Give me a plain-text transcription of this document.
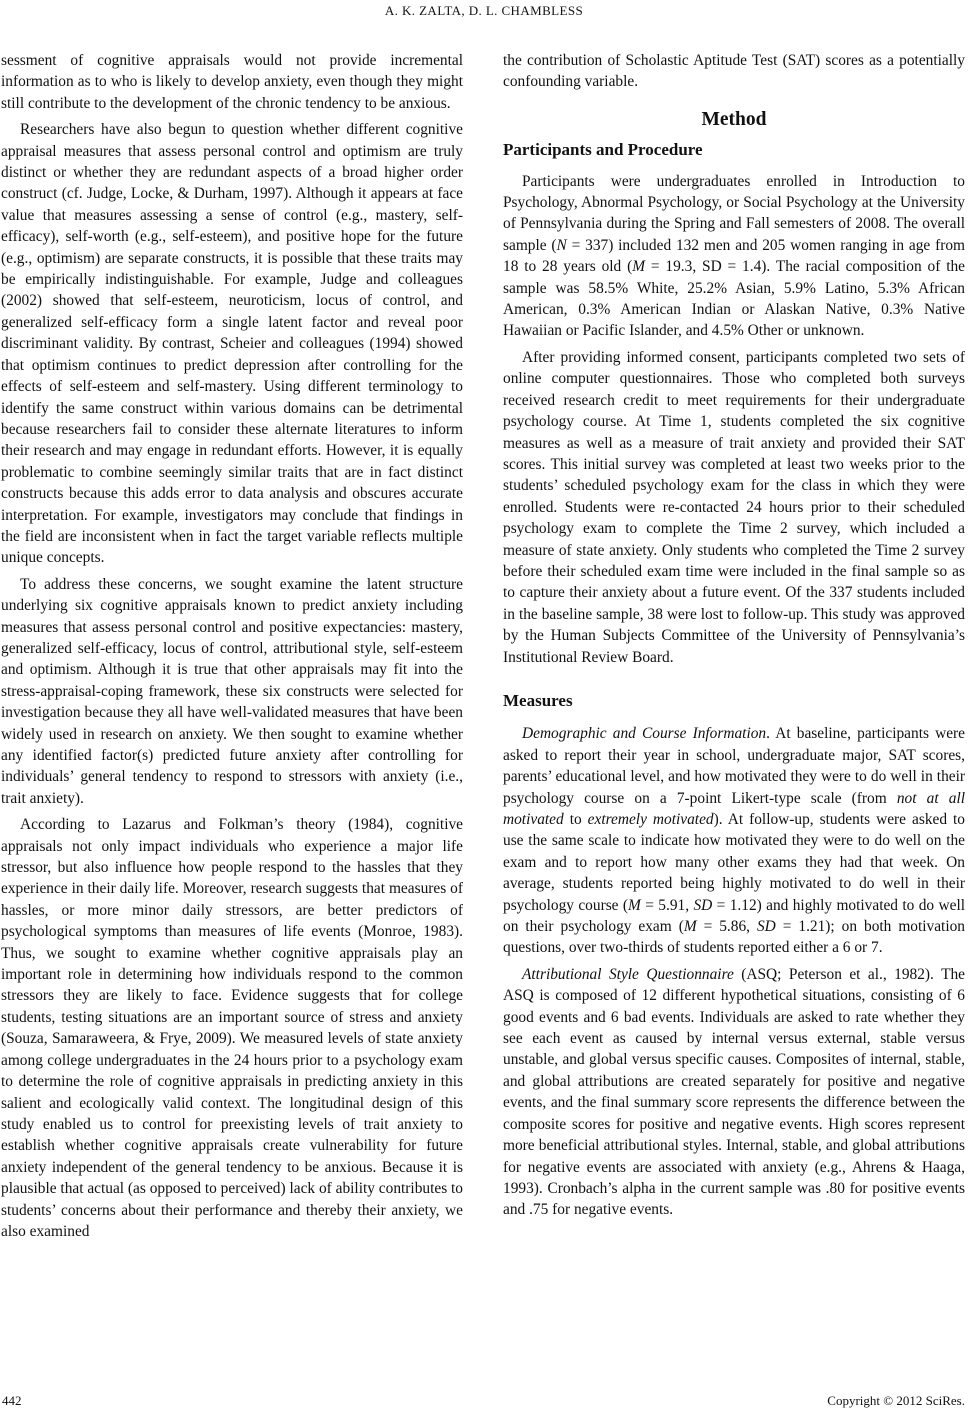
A. K. ZALTA, D. L. CHAMBLESS

sessment of cognitive appraisals would not provide incremental information as to who is likely to develop anxiety, even though they might still contribute to the development of the chronic tendency to be anxious.

Researchers have also begun to question whether different cognitive appraisal measures that assess personal control and optimism are truly distinct or whether they are redundant aspects of a broad higher order construct (cf. Judge, Locke, & Durham, 1997). Although it appears at face value that measures assessing a sense of control (e.g., mastery, self-efficacy), self-worth (e.g., self-esteem), and positive hope for the future (e.g., optimism) are separate constructs, it is possible that these traits may be empirically indistinguishable. For example, Judge and colleagues (2002) showed that self-esteem, neuroticism, locus of control, and generalized self-efficacy form a single latent factor and reveal poor discriminant validity. By contrast, Scheier and colleagues (1994) showed that optimism continues to predict depression after controlling for the effects of self-esteem and self-mastery. Using different terminology to identify the same construct within various domains can be detrimental because researchers fail to consider these alternate literatures to inform their research and may engage in redundant efforts. However, it is equally problematic to combine seemingly similar traits that are in fact distinct constructs because this adds error to data analysis and obscures accurate interpretation. For example, investigators may conclude that findings in the field are inconsistent when in fact the target variable reflects multiple unique concepts.

To address these concerns, we sought examine the latent structure underlying six cognitive appraisals known to predict anxiety including measures that assess personal control and positive expectancies: mastery, generalized self-efficacy, locus of control, attributional style, self-esteem and optimism. Although it is true that other appraisals may fit into the stress-appraisal-coping framework, these six constructs were selected for investigation because they all have well-validated measures that have been widely used in research on anxiety. We then sought to examine whether any identified factor(s) predicted future anxiety after controlling for individuals’ general tendency to respond to stressors with anxiety (i.e., trait anxiety).

According to Lazarus and Folkman’s theory (1984), cognitive appraisals not only impact individuals who experience a major life stressor, but also influence how people respond to the hassles that they experience in their daily life. Moreover, research suggests that measures of hassles, or more minor daily stressors, are better predictors of psychological symptoms than measures of life events (Monroe, 1983). Thus, we sought to examine whether cognitive appraisals play an important role in determining how individuals respond to the common stressors they are likely to face. Evidence suggests that for college students, testing situations are an important source of stress and anxiety (Souza, Samaraweera, & Frye, 2009). We measured levels of state anxiety among college undergraduates in the 24 hours prior to a psychology exam to determine the role of cognitive appraisals in predicting anxiety in this salient and ecologically valid context. The longitudinal design of this study enabled us to control for preexisting levels of trait anxiety to establish whether cognitive appraisals create vulnerability for future anxiety independent of the general tendency to be anxious. Because it is plausible that actual (as opposed to perceived) lack of ability contributes to students’ concerns about their performance and thereby their anxiety, we also examined

the contribution of Scholastic Aptitude Test (SAT) scores as a potentially confounding variable.

Method
Participants and Procedure

Participants were undergraduates enrolled in Introduction to Psychology, Abnormal Psychology, or Social Psychology at the University of Pennsylvania during the Spring and Fall semesters of 2008. The overall sample (N = 337) included 132 men and 205 women ranging in age from 18 to 28 years old (M = 19.3, SD = 1.4). The racial composition of the sample was 58.5% White, 25.2% Asian, 5.9% Latino, 5.3% African American, 0.3% American Indian or Alaskan Native, 0.3% Native Hawaiian or Pacific Islander, and 4.5% Other or unknown.

After providing informed consent, participants completed two sets of online computer questionnaires. Those who completed both surveys received research credit to meet requirements for their undergraduate psychology course. At Time 1, students completed the six cognitive measures as well as a measure of trait anxiety and provided their SAT scores. This initial survey was completed at least two weeks prior to the students’ scheduled psychology exam for the class in which they were enrolled. Students were re-contacted 24 hours prior to their scheduled psychology exam to complete the Time 2 survey, which included a measure of state anxiety. Only students who completed the Time 2 survey before their scheduled exam time were included in the final sample so as to capture their anxiety about a future event. Of the 337 students included in the baseline sample, 38 were lost to follow-up. This study was approved by the Human Subjects Committee of the University of Pennsylvania’s Institutional Review Board.

Measures

Demographic and Course Information. At baseline, participants were asked to report their year in school, undergraduate major, SAT scores, parents’ educational level, and how motivated they were to do well in their psychology course on a 7-point Likert-type scale (from not at all motivated to extremely motivated). At follow-up, students were asked to use the same scale to indicate how motivated they were to do well on the exam and to report how many other exams they had that week. On average, students reported being highly motivated to do well in their psychology course (M = 5.91, SD = 1.12) and highly motivated to do well on their psychology exam (M = 5.86, SD = 1.21); on both motivation questions, over two-thirds of students reported either a 6 or 7.

Attributional Style Questionnaire (ASQ; Peterson et al., 1982). The ASQ is composed of 12 different hypothetical situations, consisting of 6 good events and 6 bad events. Individuals are asked to rate whether they see each event as caused by internal versus external, stable versus unstable, and global versus specific causes. Composites of internal, stable, and global attributions are created separately for positive and negative events, and the final summary score represents the difference between the composite scores for positive and negative events. High scores represent more beneficial attributional styles. Internal, stable, and global attributions for negative events are associated with anxiety (e.g., Ahrens & Haaga, 1993). Cronbach’s alpha in the current sample was .80 for positive events and .75 for negative events.

442	Copyright © 2012 SciRes.
